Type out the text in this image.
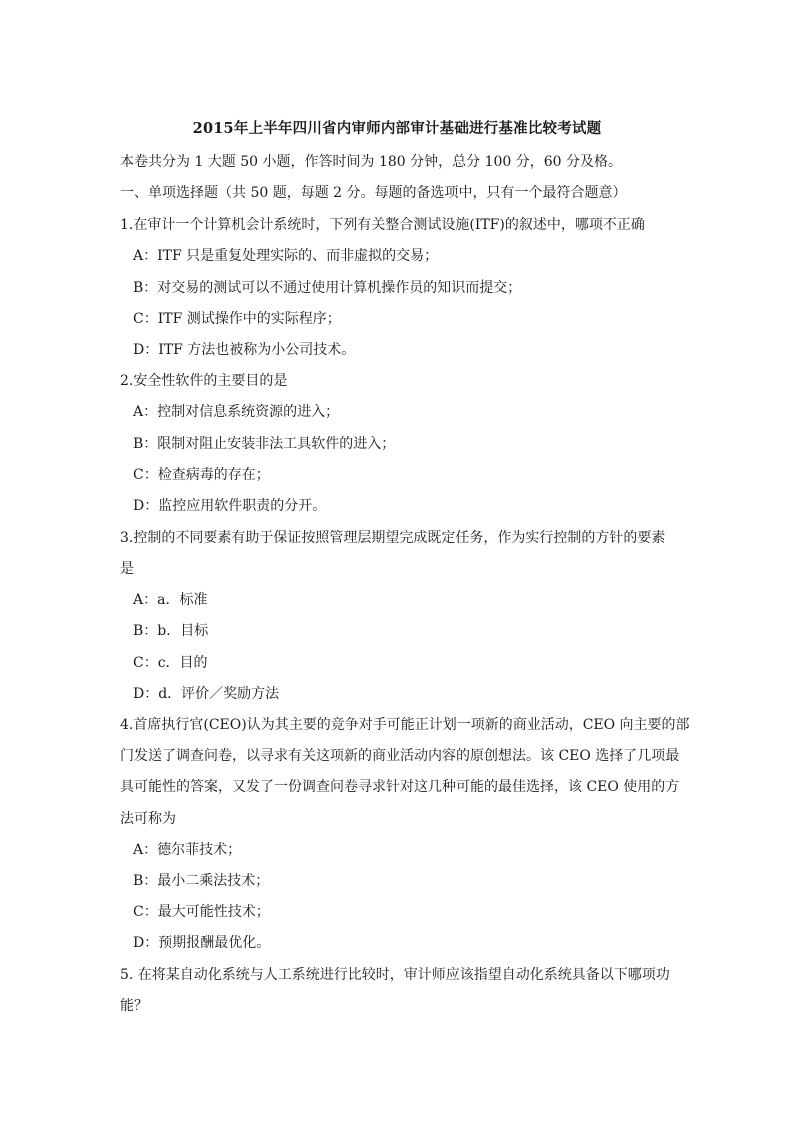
2015年上半年四川省内审师内部审计基础进行基准比较考试题
本卷共分为 1 大题 50 小题，作答时间为 180 分钟，总分 100 分，60 分及格。
一、单项选择题（共 50 题，每题 2 分。每题的备选项中，只有一个最符合题意）
1.在审计一个计算机会计系统时，下列有关整合测试设施(ITF)的叙述中，哪项不正确
A：ITF 只是重复处理实际的、而非虚拟的交易；
B：对交易的测试可以不通过使用计算机操作员的知识而提交；
C：ITF 测试操作中的实际程序；
D：ITF 方法也被称为小公司技术。
2.安全性软件的主要目的是
A：控制对信息系统资源的进入；
B：限制对阻止安装非法工具软件的进入；
C：检查病毒的存在；
D：监控应用软件职责的分开。
3.控制的不同要素有助于保证按照管理层期望完成既定任务，作为实行控制的方针的要素
是
A：a．标准
B：b．目标
C：c．目的
D：d．评价／奖励方法
4.首席执行官(CEO)认为其主要的竞争对手可能正计划一项新的商业活动，CEO 向主要的部
门发送了调查问卷，以寻求有关这项新的商业活动内容的原创想法。该 CEO 选择了几项最
具可能性的答案，又发了一份调查问卷寻求针对这几种可能的最佳选择，该 CEO 使用的方
法可称为
A：德尔菲技术；
B：最小二乘法技术；
C：最大可能性技术；
D：预期报酬最优化。
5. 在将某自动化系统与人工系统进行比较时，审计师应该指望自动化系统具备以下哪项功
能？
